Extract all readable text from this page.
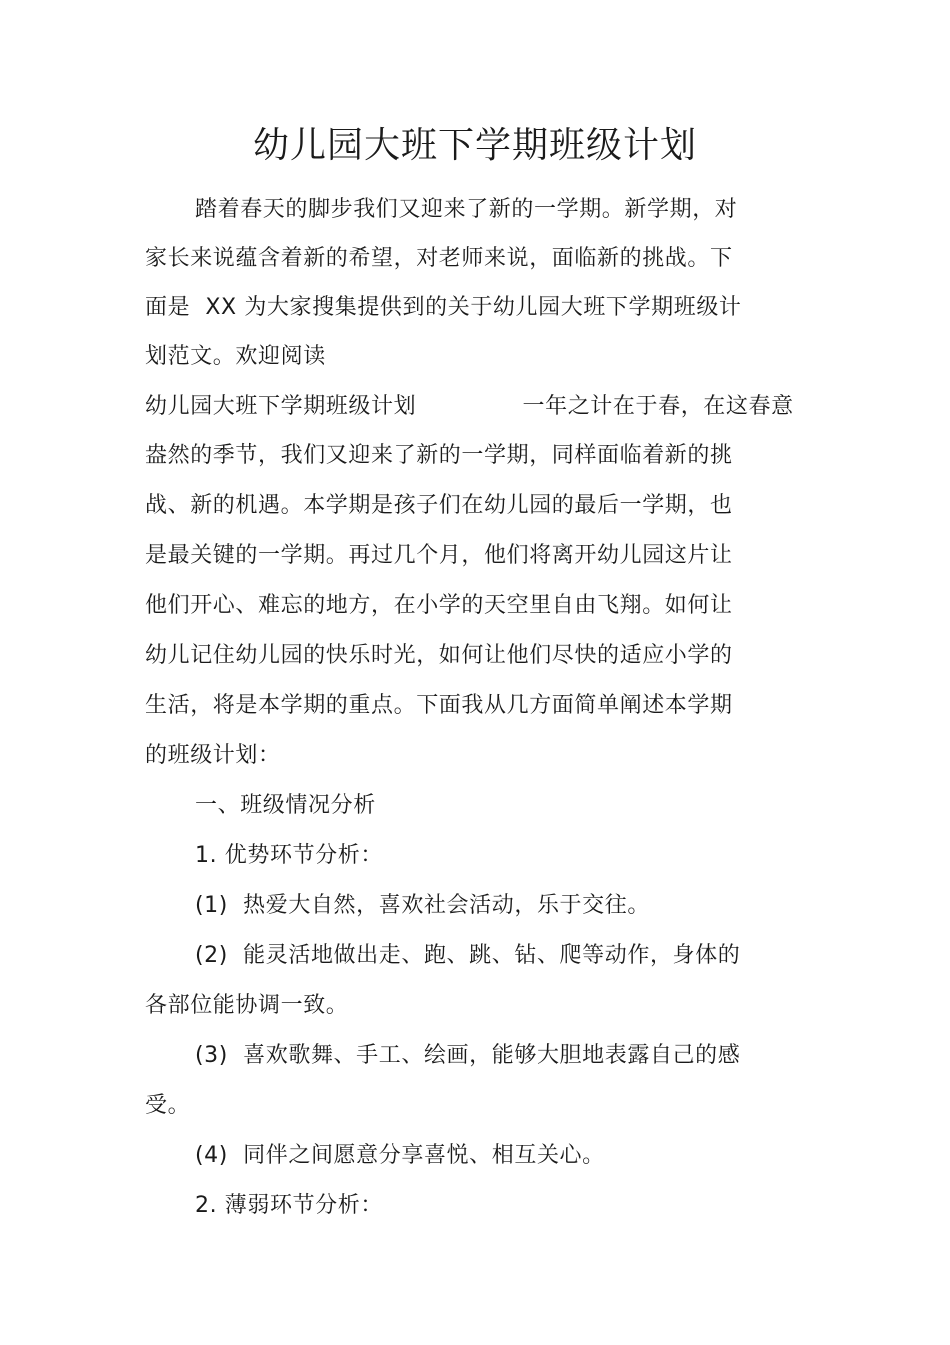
幼儿园大班下学期班级计划
踏着春天的脚步我们又迎来了新的一学期。新学期，对
家长来说蕴含着新的希望，对老师来说，面临新的挑战。下
面是  XX 为大家搜集提供到的关于幼儿园大班下学期班级计
划范文。欢迎阅读
幼儿园大班下学期班级计划              一年之计在于春，在这春意
盎然的季节，我们又迎来了新的一学期，同样面临着新的挑
战、新的机遇。本学期是孩子们在幼儿园的最后一学期，也
是最关键的一学期。再过几个月，他们将离开幼儿园这片让
他们开心、难忘的地方，在小学的天空里自由飞翔。如何让
幼儿记住幼儿园的快乐时光，如何让他们尽快的适应小学的
生活，将是本学期的重点。下面我从几方面简单阐述本学期
的班级计划：
一、班级情况分析
1. 优势环节分析：
(1)  热爱大自然，喜欢社会活动，乐于交往。
(2)  能灵活地做出走、跑、跳、钻、爬等动作，身体的
各部位能协调一致。
(3)  喜欢歌舞、手工、绘画，能够大胆地表露自己的感
受。
(4)  同伴之间愿意分享喜悦、相互关心。
2. 薄弱环节分析：
